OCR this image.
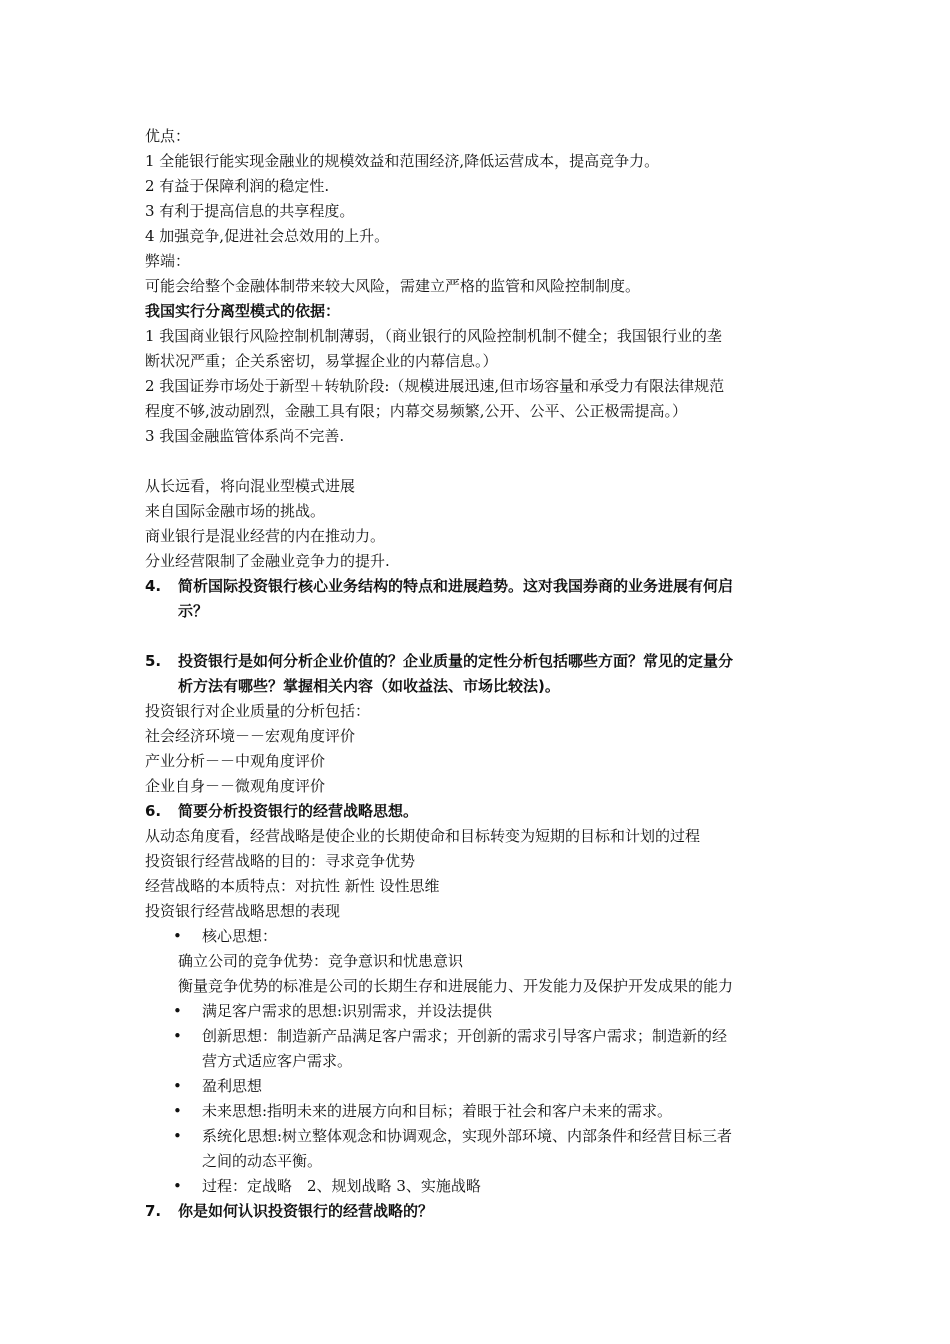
优点：
1 全能银行能实现金融业的规模效益和范围经济,降低运营成本，提高竞争力。
2 有益于保障利润的稳定性.
3 有利于提高信息的共享程度。
4 加强竞争,促进社会总效用的上升。
弊端：
可能会给整个金融体制带来较大风险，需建立严格的监管和风险控制制度。
我国实行分离型模式的依据：
1 我国商业银行风险控制机制薄弱，（商业银行的风险控制机制不健全；我国银行业的垄
断状况严重；企关系密切，易掌握企业的内幕信息。）
2 我国证券市场处于新型＋转轨阶段:（规模进展迅速,但市场容量和承受力有限法律规范
程度不够,波动剧烈，金融工具有限；内幕交易频繁,公开、公平、公正极需提高。）
3 我国金融监管体系尚不完善.
从长远看，将向混业型模式进展
来自国际金融市场的挑战。
商业银行是混业经营的内在推动力。
分业经营限制了金融业竞争力的提升.
4. 简析国际投资银行核心业务结构的特点和进展趋势。这对我国券商的业务进展有何启
示？
5. 投资银行是如何分析企业价值的？企业质量的定性分析包括哪些方面？常见的定量分
析方法有哪些？掌握相关内容（如收益法、市场比较法)。
投资银行对企业质量的分析包括：
社会经济环境－－宏观角度评价
产业分析－－中观角度评价
企业自身－－微观角度评价
6. 简要分析投资银行的经营战略思想。
从动态角度看，经营战略是使企业的长期使命和目标转变为短期的目标和计划的过程
投资银行经营战略的目的：寻求竞争优势
经营战略的本质特点：对抗性 新性 设性思维
投资银行经营战略思想的表现
• 核心思想：
确立公司的竞争优势：竞争意识和忧患意识
衡量竞争优势的标准是公司的长期生存和进展能力、开发能力及保护开发成果的能力
• 满足客户需求的思想:识别需求，并设法提供
• 创新思想：制造新产品满足客户需求；开创新的需求引导客户需求；制造新的经
营方式适应客户需求。
• 盈利思想
• 未来思想:指明未来的进展方向和目标；着眼于社会和客户未来的需求。
• 系统化思想:树立整体观念和协调观念，实现外部环境、内部条件和经营目标三者
之间的动态平衡。
• 过程：定战略　2、规划战略 3、实施战略
7. 你是如何认识投资银行的经营战略的？
